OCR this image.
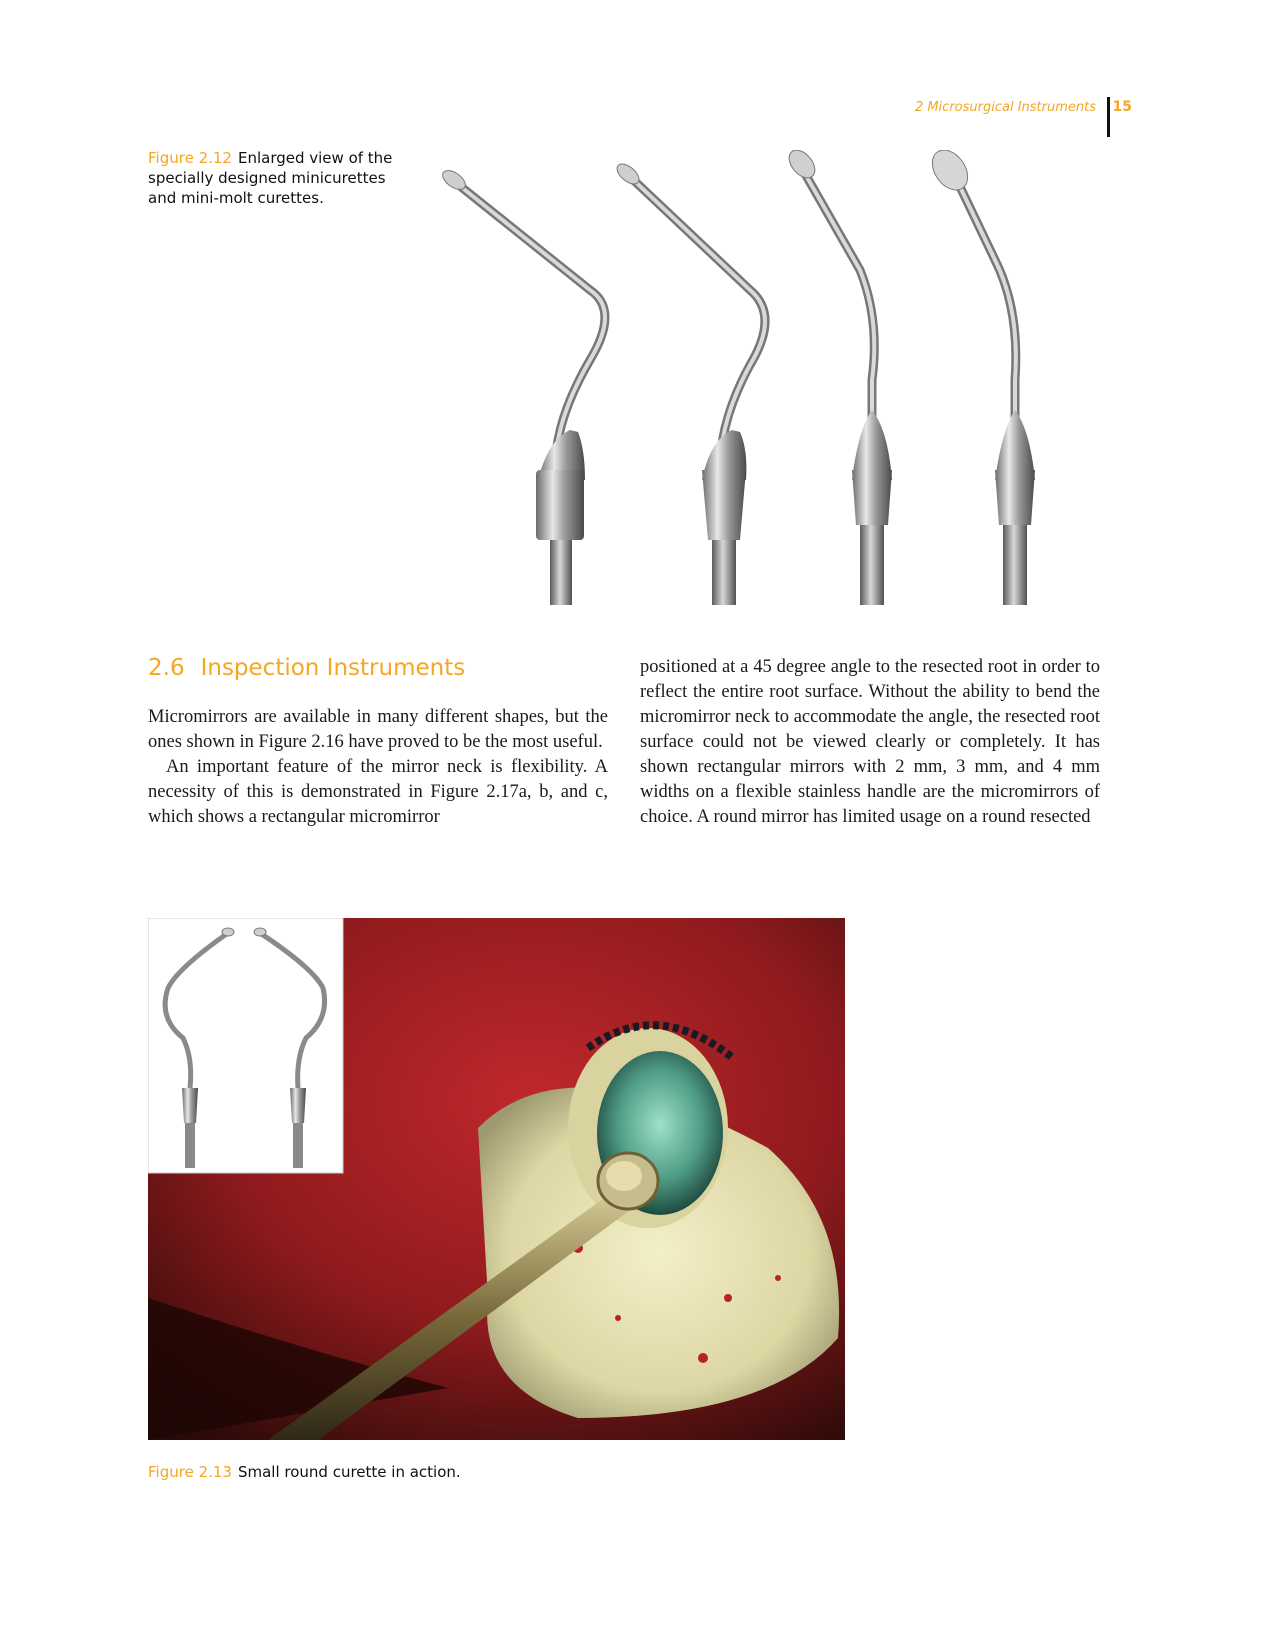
2 Microsurgical Instruments 15
Figure 2.12 Enlarged view of the specially designed minicurettes and mini-molt curettes.
2.6 Inspection Instruments

Micromirrors are available in many different shapes, but the ones shown in Figure 2.16 have proved to be the most useful.

An important feature of the mirror neck is flexibility. A necessity of this is demonstrated in Figure 2.17a, b, and c, which shows a rectangular micromirror

positioned at a 45 degree angle to the resected root in order to reflect the entire root surface. Without the ability to bend the micromirror neck to accommodate the angle, the resected root surface could not be viewed clearly or completely. It has shown rectangular mirrors with 2 mm, 3 mm, and 4 mm widths on a flexible stainless handle are the micromirrors of choice. A round mirror has limited usage on a round resected

Figure 2.13 Small round curette in action.
